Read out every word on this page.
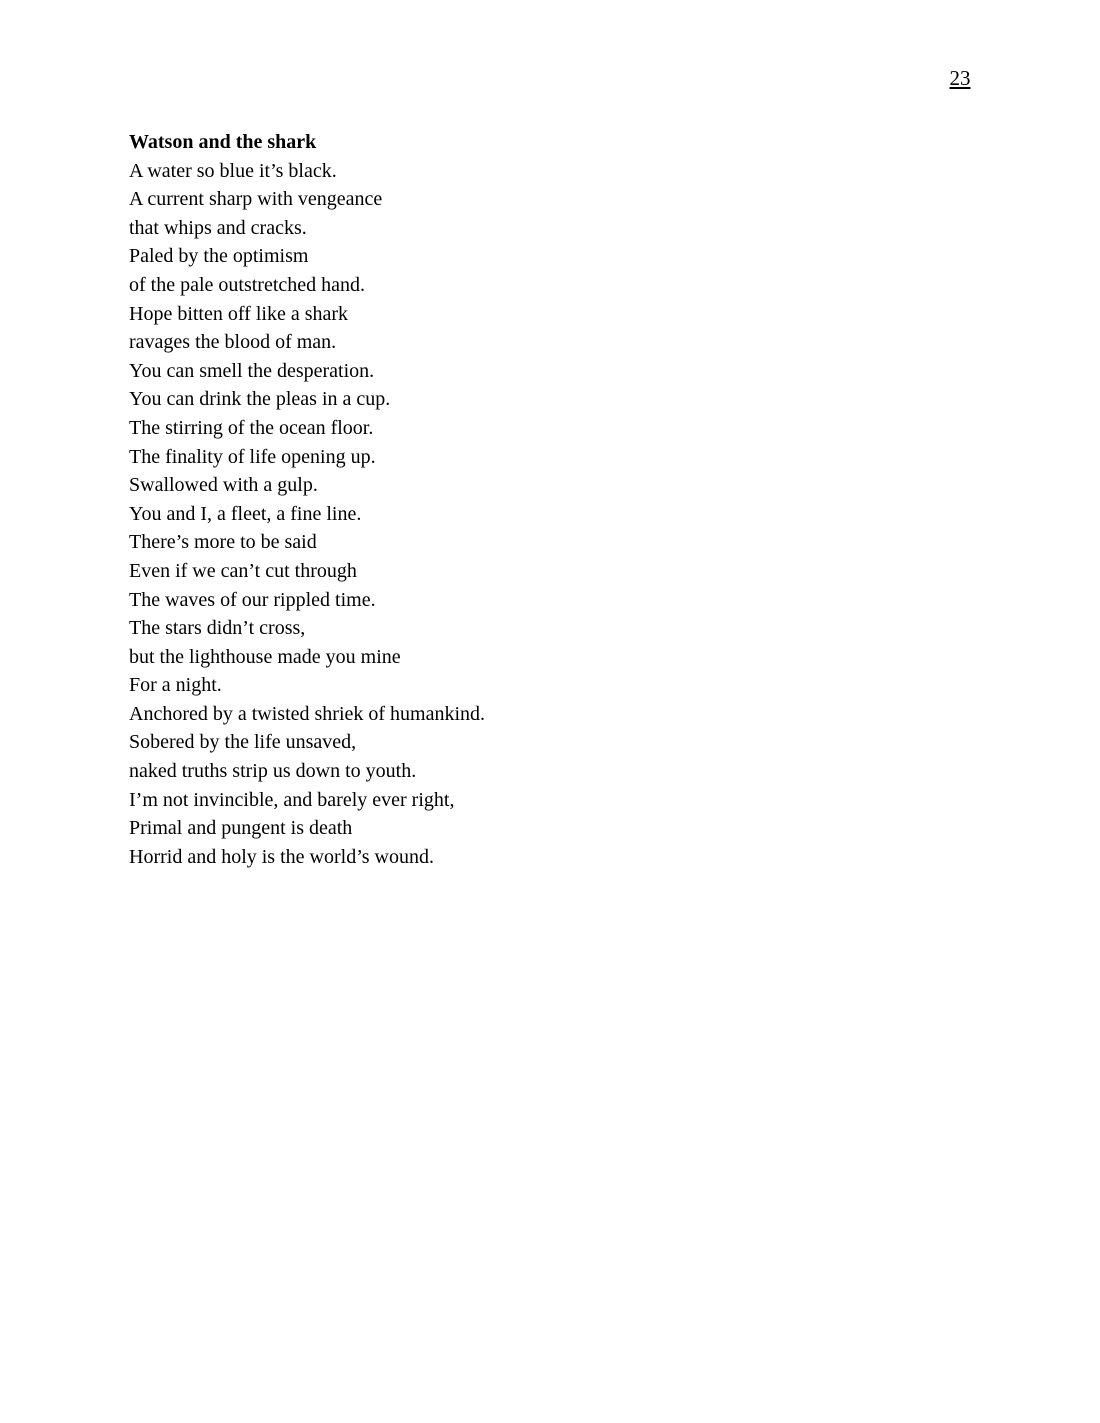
23
Watson and the shark
A water so blue it’s black.
A current sharp with vengeance
that whips and cracks.
Paled by the optimism
of the pale outstretched hand.
Hope bitten off like a shark
ravages the blood of man.
You can smell the desperation.
You can drink the pleas in a cup.
The stirring of the ocean floor.
The finality of life opening up.
Swallowed with a gulp.
You and I, a fleet, a fine line.
There’s more to be said
Even if we can’t cut through
The waves of our rippled time.
The stars didn’t cross,
but the lighthouse made you mine
For a night.
Anchored by a twisted shriek of humankind.
Sobered by the life unsaved,
naked truths strip us down to youth.
I’m not invincible, and barely ever right,
Primal and pungent is death
Horrid and holy is the world’s wound.
